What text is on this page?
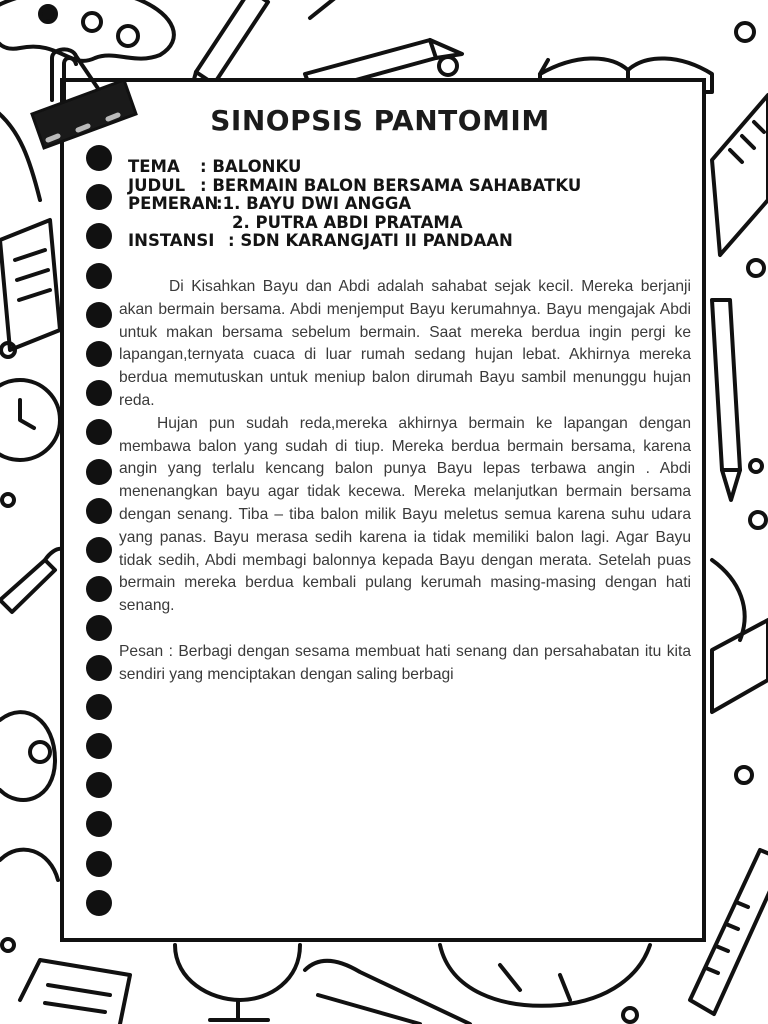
SINOPSIS PANTOMIM
TEMA	: BALONKU
JUDUL : BERMAIN BALON BERSAMA SAHABATKU
PEMERAN
:1. BAYU DWI ANGGA
2. PUTRA ABDI PRATAMA
INSTANSI : SDN KARANGJATI II PANDAAN

Di Kisahkan Bayu dan Abdi adalah sahabat sejak kecil. Mereka berjanji akan bermain bersama. Abdi menjemput Bayu kerumahnya. Bayu mengajak Abdi untuk makan bersama sebelum bermain. Saat mereka berdua ingin pergi ke lapangan,ternyata cuaca di luar rumah sedang hujan lebat. Akhirnya mereka berdua memutuskan untuk meniup balon dirumah Bayu sambil menunggu hujan reda.

Hujan pun sudah reda,mereka akhirnya bermain ke lapangan dengan membawa balon yang sudah di tiup. Mereka berdua bermain bersama, karena angin yang terlalu kencang balon punya Bayu lepas terbawa angin . Abdi menenangkan bayu agar tidak kecewa. Mereka melanjutkan bermain bersama dengan senang. Tiba – tiba balon milik Bayu meletus semua karena suhu udara yang panas. Bayu merasa sedih karena ia tidak memiliki balon lagi. Agar Bayu tidak sedih, Abdi membagi balonnya kepada Bayu dengan merata. Setelah puas bermain mereka berdua kembali pulang kerumah masing-masing dengan hati senang.

Pesan : Berbagi dengan sesama membuat hati senang dan persahabatan itu kita sendiri yang menciptakan dengan saling berbagi
